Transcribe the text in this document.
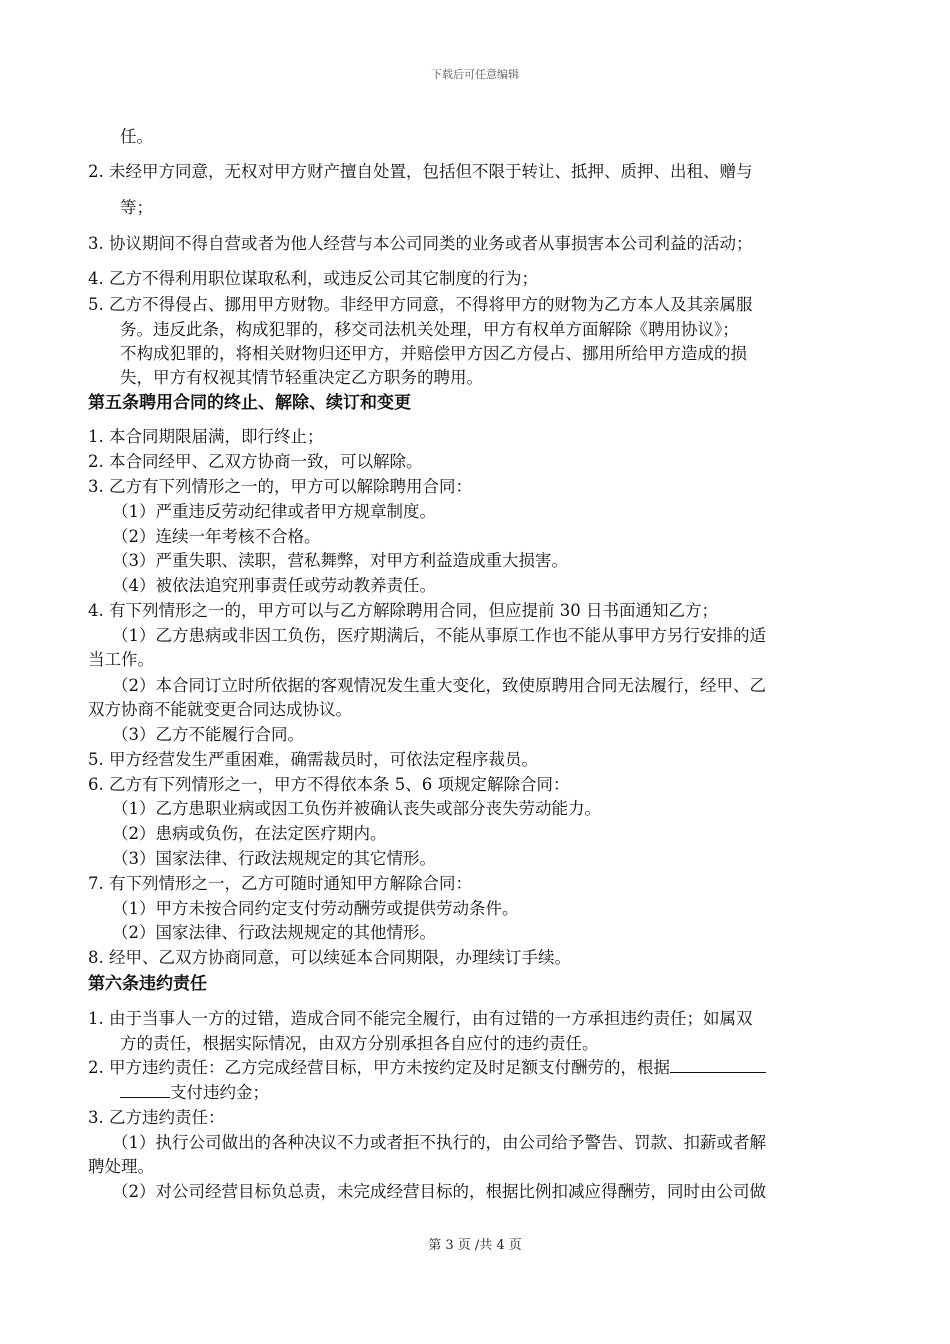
下载后可任意编辑
任。
2. 未经甲方同意，无权对甲方财产擅自处置，包括但不限于转让、抵押、质押、出租、赠与
等；
3. 协议期间不得自营或者为他人经营与本公司同类的业务或者从事损害本公司利益的活动；
4. 乙方不得利用职位谋取私利，或违反公司其它制度的行为；
5. 乙方不得侵占、挪用甲方财物。非经甲方同意，不得将甲方的财物为乙方本人及其亲属服
务。违反此条，构成犯罪的，移交司法机关处理，甲方有权单方面解除《聘用协议》；
不构成犯罪的，将相关财物归还甲方，并赔偿甲方因乙方侵占、挪用所给甲方造成的损
失，甲方有权视其情节轻重决定乙方职务的聘用。
第五条聘用合同的终止、解除、续订和变更
1. 本合同期限届满，即行终止；
2. 本合同经甲、乙双方协商一致，可以解除。
3. 乙方有下列情形之一的，甲方可以解除聘用合同：
（1）严重违反劳动纪律或者甲方规章制度。
（2）连续一年考核不合格。
（3）严重失职、渎职，营私舞弊，对甲方利益造成重大损害。
（4）被依法追究刑事责任或劳动教养责任。
4. 有下列情形之一的，甲方可以与乙方解除聘用合同，但应提前 30 日书面通知乙方；
（1）乙方患病或非因工负伤，医疗期满后，不能从事原工作也不能从事甲方另行安排的适
当工作。
（2）本合同订立时所依据的客观情况发生重大变化，致使原聘用合同无法履行，经甲、乙
双方协商不能就变更合同达成协议。
（3）乙方不能履行合同。
5. 甲方经营发生严重困难，确需裁员时，可依法定程序裁员。
6. 乙方有下列情形之一，甲方不得依本条 5、6 项规定解除合同：
（1）乙方患职业病或因工负伤并被确认丧失或部分丧失劳动能力。
（2）患病或负伤，在法定医疗期内。
（3）国家法律、行政法规规定的其它情形。
7. 有下列情形之一，乙方可随时通知甲方解除合同：
（1）甲方未按合同约定支付劳动酬劳或提供劳动条件。
（2）国家法律、行政法规规定的其他情形。
8. 经甲、乙双方协商同意，可以续延本合同期限，办理续订手续。
第六条违约责任
1. 由于当事人一方的过错，造成合同不能完全履行，由有过错的一方承担违约责任；如属双
方的责任，根据实际情况，由双方分别承担各自应付的违约责任。
2. 甲方违约责任：乙方完成经营目标，甲方未按约定及时足额支付酬劳的，根据
支付违约金；
3. 乙方违约责任：
（1）执行公司做出的各种决议不力或者拒不执行的，由公司给予警告、罚款、扣薪或者解
聘处理。
（2）对公司经营目标负总责，未完成经营目标的，根据比例扣减应得酬劳，同时由公司做
第 3 页 /共 4 页
